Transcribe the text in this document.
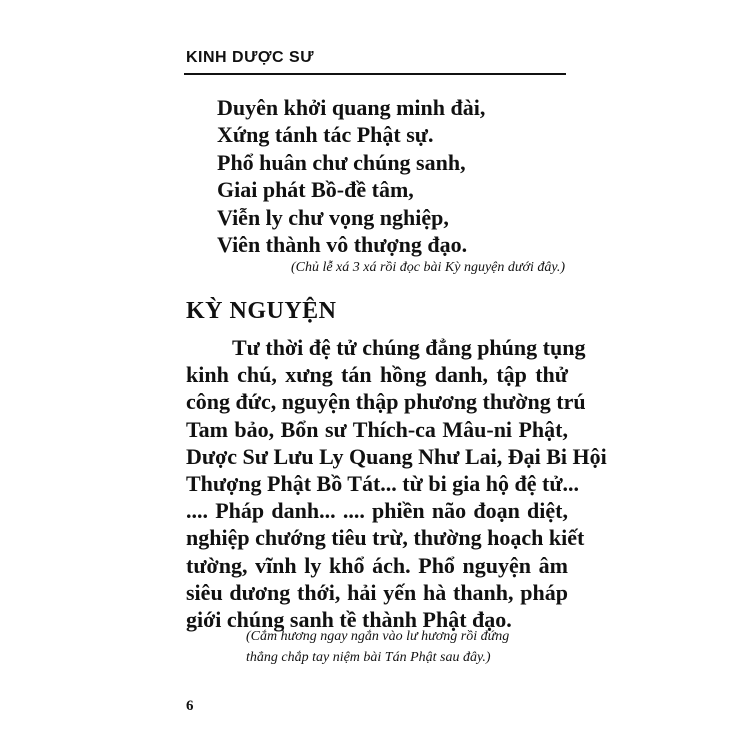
KINH DƯỢC SƯ
Duyên khởi quang minh đài,
Xứng tánh tác Phật sự.
Phổ huân chư chúng sanh,
Giai phát Bồ-đề tâm,
Viễn ly chư vọng nghiệp,
Viên thành vô thượng đạo.
(Chủ lễ xá 3 xá rồi đọc bài Kỳ nguyện dưới đây.)
KỲ NGUYỆN
Tư thời đệ tử chúng đẳng phúng tụng
kinh chú, xưng tán hồng danh, tập thử
công đức, nguyện thập phương thường trú
Tam bảo, Bổn sư Thích-ca Mâu-ni Phật,
Dược Sư Lưu Ly Quang Như Lai, Đại Bi Hội
Thượng Phật Bồ Tát... từ bi gia hộ đệ tử...
.... Pháp danh... .... phiền não đoạn diệt,
nghiệp chướng tiêu trừ, thường hoạch kiết
tường, vĩnh ly khổ ách. Phổ nguyện âm
siêu dương thới, hải yến hà thanh, pháp
giới chúng sanh tề thành Phật đạo.
(Cắm hương ngay ngắn vào lư hương rồi đứng
thẳng chắp tay niệm bài Tán Phật sau đây.)
6
